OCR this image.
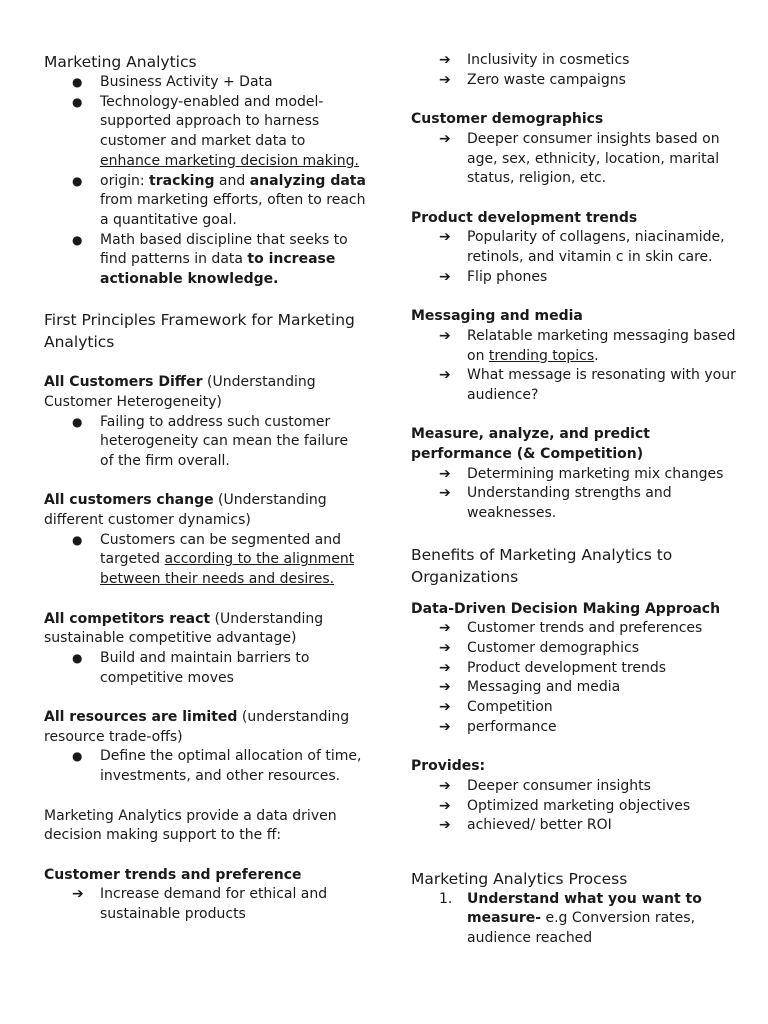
Marketing Analytics

● Business Activity + Data
● Technology-enabled and model-supported approach to harness customer and market data to enhance marketing decision making.
● origin: tracking and analyzing data from marketing efforts, often to reach a quantitative goal.
● Math based discipline that seeks to find patterns in data to increase actionable knowledge.

First Principles Framework for Marketing Analytics

All Customers Differ (Understanding Customer Heterogeneity)

● Failing to address such customer heterogeneity can mean the failure of the firm overall.

All customers change (Understanding different customer dynamics)

● Customers can be segmented and targeted according to the alignment between their needs and desires.

All competitors react (Understanding sustainable competitive advantage)

● Build and maintain barriers to competitive moves

All resources are limited (understanding resource trade-offs)

● Define the optimal allocation of time, investments, and other resources.

Marketing Analytics provide a data driven decision making support to the ff:

Customer trends and preference

➔ Increase demand for ethical and sustainable products
➔ Inclusivity in cosmetics
➔ Zero waste campaigns

Customer demographics

➔ Deeper consumer insights based on age, sex, ethnicity, location, marital status, religion, etc.

Product development trends

➔ Popularity of collagens, niacinamide, retinols, and vitamin c in skin care.
➔ Flip phones

Messaging and media

➔ Relatable marketing messaging based on trending topics.
➔ What message is resonating with your audience?

Measure, analyze, and predict performance (& Competition)

➔ Determining marketing mix changes
➔ Understanding strengths and weaknesses.

Benefits of Marketing Analytics to Organizations

Data-Driven Decision Making Approach

➔ Customer trends and preferences
➔ Customer demographics
➔ Product development trends
➔ Messaging and media
➔ Competition
➔ performance

Provides:

➔ Deeper consumer insights
➔ Optimized marketing objectives
➔ achieved/ better ROI

Marketing Analytics Process

1. Understand what you want to measure- e.g Conversion rates, audience reached
